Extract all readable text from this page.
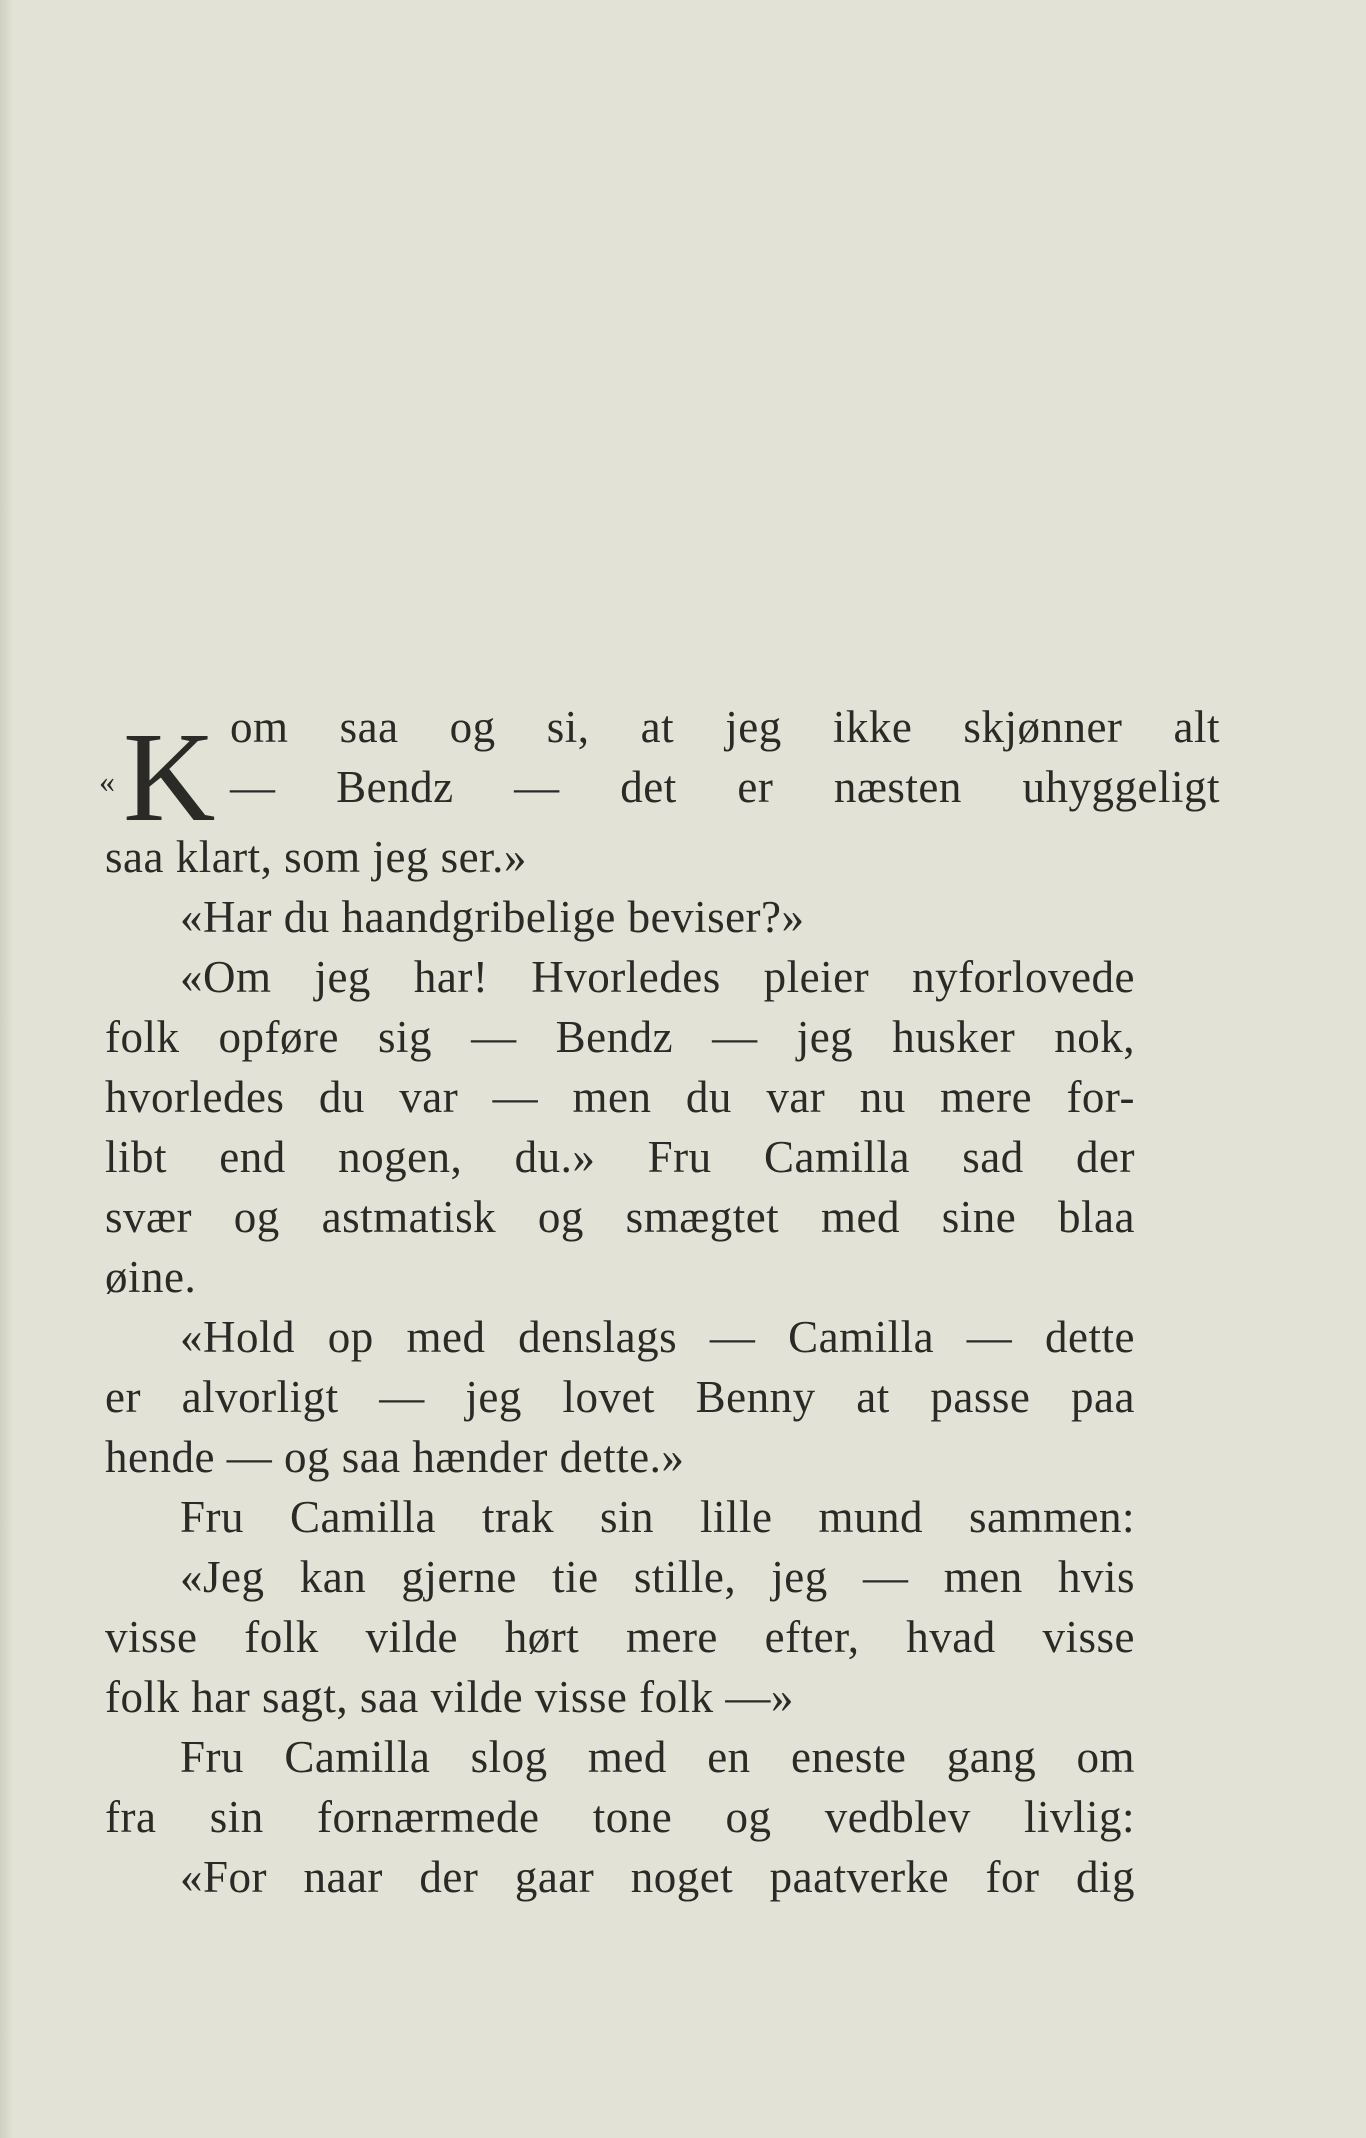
« K om saa og si, at jeg ikke skjønner alt
— Bendz — det er næsten uhyggeligt
saa klart, som jeg ser.»
«Har du haandgribelige beviser?»
«Om jeg har! Hvorledes pleier nyforlovede
folk opføre sig — Bendz — jeg husker nok,
hvorledes du var — men du var nu mere for-
libt end nogen, du.» Fru Camilla sad der
svær og astmatisk og smægtet med sine blaa
øine.
«Hold op med denslags — Camilla — dette
er alvorligt — jeg lovet Benny at passe paa
hende — og saa hænder dette.»
Fru Camilla trak sin lille mund sammen:
«Jeg kan gjerne tie stille, jeg — men hvis
visse folk vilde hørt mere efter, hvad visse
folk har sagt, saa vilde visse folk —»
Fru Camilla slog med en eneste gang om
fra sin fornærmede tone og vedblev livlig:
«For naar der gaar noget paatverke for dig
